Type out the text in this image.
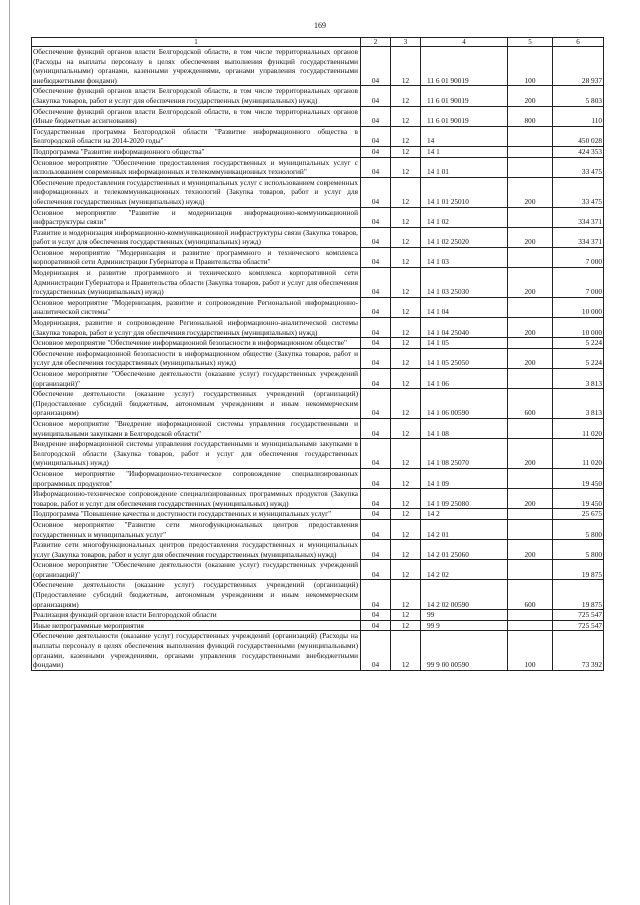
169
1	2	3	4	5	6
Обеспечение функций органов власти Белгородской области, в том числе территориальных органов (Расходы на выплаты персоналу в целях обеспечения выполнения функций государственными (муниципальными) органами, казенными учреждениями, органами управления государственными внебюджетными фондами)	04	12	11 6 01 90019	100	28 937
Обеспечение функций органов власти Белгородской области, в том числе территориальных органов (Закупка товаров, работ и услуг для обеспечения государственных (муниципальных) нужд)	04	12	11 6 01 90019	200	5 803
Обеспечение функций органов власти Белгородской области, в том числе территориальных органов (Иные бюджетные ассигнования)	04	12	11 6 01 90019	800	110
Государственная программа Белгородской области "Развитие информационного общества в Белгородской области на 2014-2020 годы"	04	12	14		450 028
Подпрограмма "Развитие информационного общества"	04	12	14 1		424 353
Основное мероприятие "Обеспечение предоставления государственных и муниципальных услуг с использованием современных информационных и телекоммуникационных технологий"	04	12	14 1 01		33 475
Обеспечение предоставления государственных и муниципальных услуг с использованием современных информационных и телекоммуникационных технологий (Закупка товаров, работ и услуг для обеспечения государственных (муниципальных) нужд)	04	12	14 1 01 25010	200	33 475
Основное мероприятие "Развитие и модернизация информационно-коммуникационной инфраструктуры связи"	04	12	14 1 02		334 371
Развитие и модернизация информационно-коммуникационной инфраструктуры связи (Закупка товаров, работ и услуг для обеспечения государственных (муниципальных) нужд)	04	12	14 1 02 25020	200	334 371
Основное мероприятие "Модернизация и развитие программного и технического комплекса корпоративной сети Администрации Губернатора и Правительства области"	04	12	14 1 03		7 000
Модернизация и развитие программного и технического комплекса корпоративной сети Администрации Губернатора и Правительства области (Закупка товаров, работ и услуг для обеспечения государственных (муниципальных) нужд)	04	12	14 1 03 25030	200	7 000
Основное мероприятие "Модернизация, развитие и сопровождение Региональной информационно-аналитической системы"	04	12	14 1 04		10 000
Модернизация, развитие и сопровождение Региональной информационно-аналитической системы (Закупка товаров, работ и услуг для обеспечения государственных (муниципальных) нужд)	04	12	14 1 04 25040	200	10 000
Основное мероприятие "Обеспечение информационной безопасности в информационном обществе"	04	12	14 1 05		5 224
Обеспечение информационной безопасности в информационном обществе (Закупка товаров, работ и услуг для обеспечения государственных (муниципальных) нужд)	04	12	14 1 05 25050	200	5 224
Основное мероприятие "Обеспечение деятельности (оказание услуг) государственных учреждений (организаций)"	04	12	14 1 06		3 813
Обеспечение деятельности (оказание услуг) государственных учреждений (организаций) (Предоставление субсидий бюджетным, автономным учреждениям и иным некоммерческим организациям)	04	12	14 1 06 00590	600	3 813
Основное мероприятие "Внедрение информационной системы управления государственными и муниципальными закупками в Белгородской области"	04	12	14 1 08		11 020
Внедрение информационной системы управления государственными и муниципальными закупками в Белгородской области (Закупка товаров, работ и услуг для обеспечения государственных (муниципальных) нужд)	04	12	14 1 08 25070	200	11 020
Основное мероприятие "Информационно-техническое сопровождение специализированных программных продуктов"	04	12	14 1 09		19 450
Информационно-техническое сопровождение специализированных программных продуктов (Закупка товаров, работ и услуг для обеспечения государственных (муниципальных) нужд)	04	12	14 1 09 25080	200	19 450
Подпрограмма "Повышение качества и доступности государственных и муниципальных услуг"	04	12	14 2		25 675
Основное мероприятие "Развитие сети многофункциональных центров предоставления государственных и муниципальных услуг"	04	12	14 2 01		5 800
Развитие сети многофункциональных центров предоставления государственных и муниципальных услуг (Закупка товаров, работ и услуг для обеспечения государственных (муниципальных) нужд)	04	12	14 2 01 25060	200	5 800
Основное мероприятие "Обеспечение деятельности (оказание услуг) государственных учреждений (организаций)"	04	12	14 2 02		19 875
Обеспечение деятельности (оказание услуг) государственных учреждений (организаций) (Предоставление субсидий бюджетным, автономным учреждениям и иным некоммерческим организациям)	04	12	14 2 02 00590	600	19 875
Реализация функций органов власти Белгородской области	04	12	99		725 547
Иные непрограммные мероприятия	04	12	99 9		725 547
Обеспечение деятельности (оказание услуг) государственных учреждений (организаций) (Расходы на выплаты персоналу в целях обеспечения выполнения функций государственными (муниципальными) органами, казенными учреждениями, органами управления государственными внебюджетными фондами)	04	12	99 9 00 00590	100	73 392
